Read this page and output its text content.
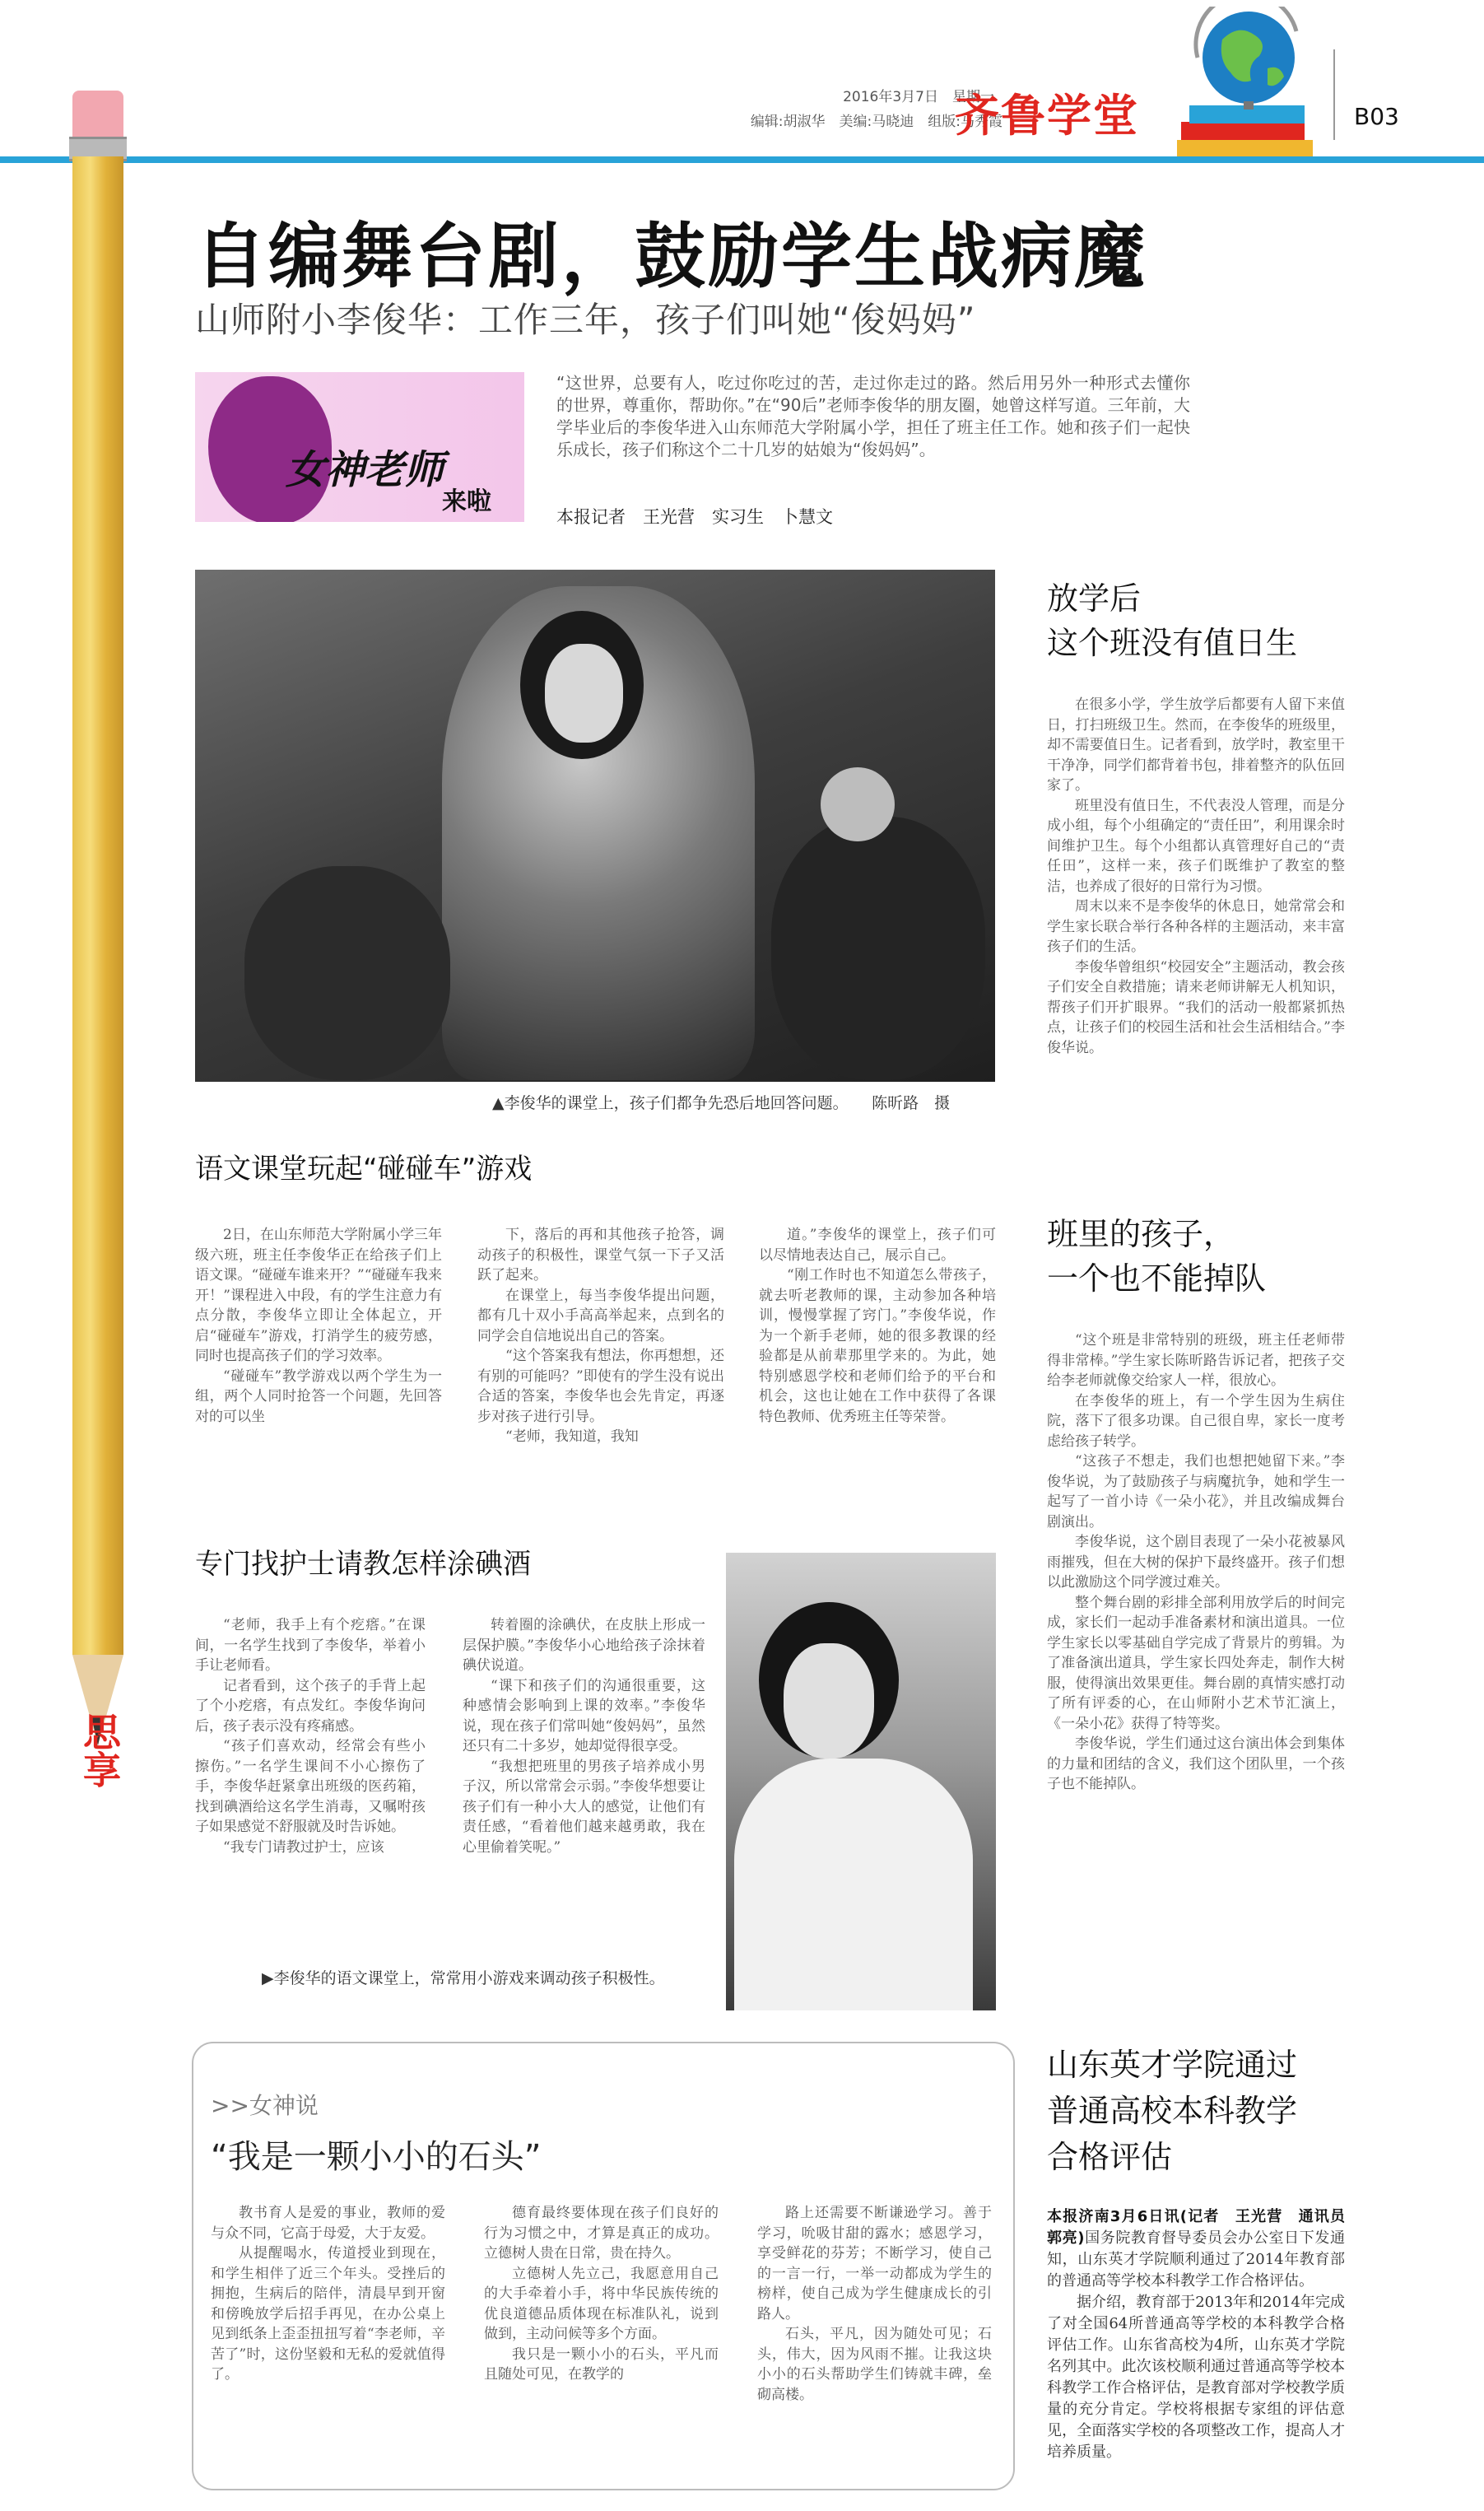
2016年3月7日　星期一
编辑:胡淑华　美编:马晓迪　组版:马秀霞
齐鲁学堂	B03
思享
自编舞台剧，鼓励学生战病魔
山师附小李俊华：工作三年，孩子们叫她“俊妈妈”
女神老师
来啦
“这世界，总要有人，吃过你吃过的苦，走过你走过的路。然后用另外一种形式去懂你的世界，尊重你，帮助你。”在“90后”老师李俊华的朋友圈，她曾这样写道。三年前，大学毕业后的李俊华进入山东师范大学附属小学，担任了班主任工作。她和孩子们一起快乐成长，孩子们称这个二十几岁的姑娘为“俊妈妈”。
本报记者　王光营　实习生　卜慧文
▲李俊华的课堂上，孩子们都争先恐后地回答问题。　　陈昕路　摄
放学后
这个班没有值日生

在很多小学，学生放学后都要有人留下来值日，打扫班级卫生。然而，在李俊华的班级里，却不需要值日生。记者看到，放学时，教室里干干净净，同学们都背着书包，排着整齐的队伍回家了。

班里没有值日生，不代表没人管理，而是分成小组，每个小组确定的“责任田”，利用课余时间维护卫生。每个小组都认真管理好自己的“责任田”，这样一来，孩子们既维护了教室的整洁，也养成了很好的日常行为习惯。

周末以来不是李俊华的休息日，她常常会和学生家长联合举行各种各样的主题活动，来丰富孩子们的生活。

李俊华曾组织“校园安全”主题活动，教会孩子们安全自救措施；请来老师讲解无人机知识，帮孩子们开扩眼界。“我们的活动一般都紧抓热点，让孩子们的校园生活和社会生活相结合。”李俊华说。

语文课堂玩起“碰碰车”游戏

2日，在山东师范大学附属小学三年级六班，班主任李俊华正在给孩子们上语文课。“碰碰车谁来开？”“碰碰车我来开！”课程进入中段，有的学生注意力有点分散，李俊华立即让全体起立，开启“碰碰车”游戏，打消学生的疲劳感，同时也提高孩子们的学习效率。

“碰碰车”教学游戏以两个学生为一组，两个人同时抢答一个问题，先回答对的可以坐

下，落后的再和其他孩子抢答，调动孩子的积极性，课堂气氛一下子又活跃了起来。

在课堂上，每当李俊华提出问题，都有几十双小手高高举起来，点到名的同学会自信地说出自己的答案。

“这个答案我有想法，你再想想，还有别的可能吗？”即使有的学生没有说出合适的答案，李俊华也会先肯定，再逐步对孩子进行引导。

“老师，我知道，我知

道。”李俊华的课堂上，孩子们可以尽情地表达自己，展示自己。

“刚工作时也不知道怎么带孩子，就去听老教师的课，主动参加各种培训，慢慢掌握了窍门。”李俊华说，作为一个新手老师，她的很多教课的经验都是从前辈那里学来的。为此，她特别感恩学校和老师们给予的平台和机会，这也让她在工作中获得了各课特色教师、优秀班主任等荣誉。

专门找护士请教怎样涂碘酒

“老师，我手上有个疙瘩。”在课间，一名学生找到了李俊华，举着小手让老师看。

记者看到，这个孩子的手背上起了个小疙瘩，有点发红。李俊华询问后，孩子表示没有疼痛感。

“孩子们喜欢动，经常会有些小擦伤。”一名学生课间不小心擦伤了手，李俊华赶紧拿出班级的医药箱，找到碘酒给这名学生消毒，又嘱咐孩子如果感觉不舒服就及时告诉她。

“我专门请教过护士，应该

转着圈的涂碘伏，在皮肤上形成一层保护膜。”李俊华小心地给孩子涂抹着碘伏说道。

“课下和孩子们的沟通很重要，这种感情会影响到上课的效率。”李俊华说，现在孩子们常叫她“俊妈妈”，虽然还只有二十多岁，她却觉得很享受。

“我想把班里的男孩子培养成小男子汉，所以常常会示弱。”李俊华想要让孩子们有一种小大人的感觉，让他们有责任感，“看着他们越来越勇敢，我在心里偷着笑呢。”

▶李俊华的语文课堂上，常常用小游戏来调动孩子积极性。
班里的孩子，
一个也不能掉队

“这个班是非常特别的班级，班主任老师带得非常棒。”学生家长陈昕路告诉记者，把孩子交给李老师就像交给家人一样，很放心。

在李俊华的班上，有一个学生因为生病住院，落下了很多功课。自己很自卑，家长一度考虑给孩子转学。

“这孩子不想走，我们也想把她留下来。”李俊华说，为了鼓励孩子与病魔抗争，她和学生一起写了一首小诗《一朵小花》，并且改编成舞台剧演出。

李俊华说，这个剧目表现了一朵小花被暴风雨摧残，但在大树的保护下最终盛开。孩子们想以此激励这个同学渡过难关。

整个舞台剧的彩排全部利用放学后的时间完成，家长们一起动手准备素材和演出道具。一位学生家长以零基础自学完成了背景片的剪辑。为了准备演出道具，学生家长四处奔走，制作大树服，使得演出效果更佳。舞台剧的真情实感打动了所有评委的心，在山师附小艺术节汇演上，《一朵小花》获得了特等奖。

李俊华说，学生们通过这台演出体会到集体的力量和团结的含义，我们这个团队里，一个孩子也不能掉队。

>>女神说
“我是一颗小小的石头”

教书育人是爱的事业，教师的爱与众不同，它高于母爱，大于友爱。

从提醒喝水，传道授业到现在，和学生相伴了近三个年头。受挫后的拥抱，生病后的陪伴，清晨早到开窗和傍晚放学后招手再见，在办公桌上见到纸条上歪歪扭扭写着“李老师，辛苦了”时，这份坚毅和无私的爱就值得了。

德育最终要体现在孩子们良好的行为习惯之中，才算是真正的成功。立德树人贵在日常，贵在持久。

立德树人先立己，我愿意用自己的大手牵着小手，将中华民族传统的优良道德品质体现在标准队礼，说到做到，主动问候等多个方面。

我只是一颗小小的石头，平凡而且随处可见，在教学的

路上还需要不断谦逊学习。善于学习，吮吸甘甜的露水；感恩学习，享受鲜花的芬芳；不断学习，使自己的一言一行，一举一动都成为学生的榜样，使自己成为学生健康成长的引路人。

石头，平凡，因为随处可见；石头，伟大，因为风雨不摧。让我这块小小的石头帮助学生们铸就丰碑，垒砌高楼。

山东英才学院通过
普通高校本科教学
合格评估
本报济南3月6日讯(记者　王光营　通讯员　郭亮)国务院教育督导委员会办公室日下发通知，山东英才学院顺利通过了2014年教育部的普通高等学校本科教学工作合格评估。
据介绍，教育部于2013年和2014年完成了对全国64所普通高等学校的本科教学合格评估工作。山东省高校为4所，山东英才学院名列其中。此次该校顺利通过普通高等学校本科教学工作合格评估，是教育部对学校教学质量的充分肯定。学校将根据专家组的评估意见，全面落实学校的各项整改工作，提高人才培养质量。
